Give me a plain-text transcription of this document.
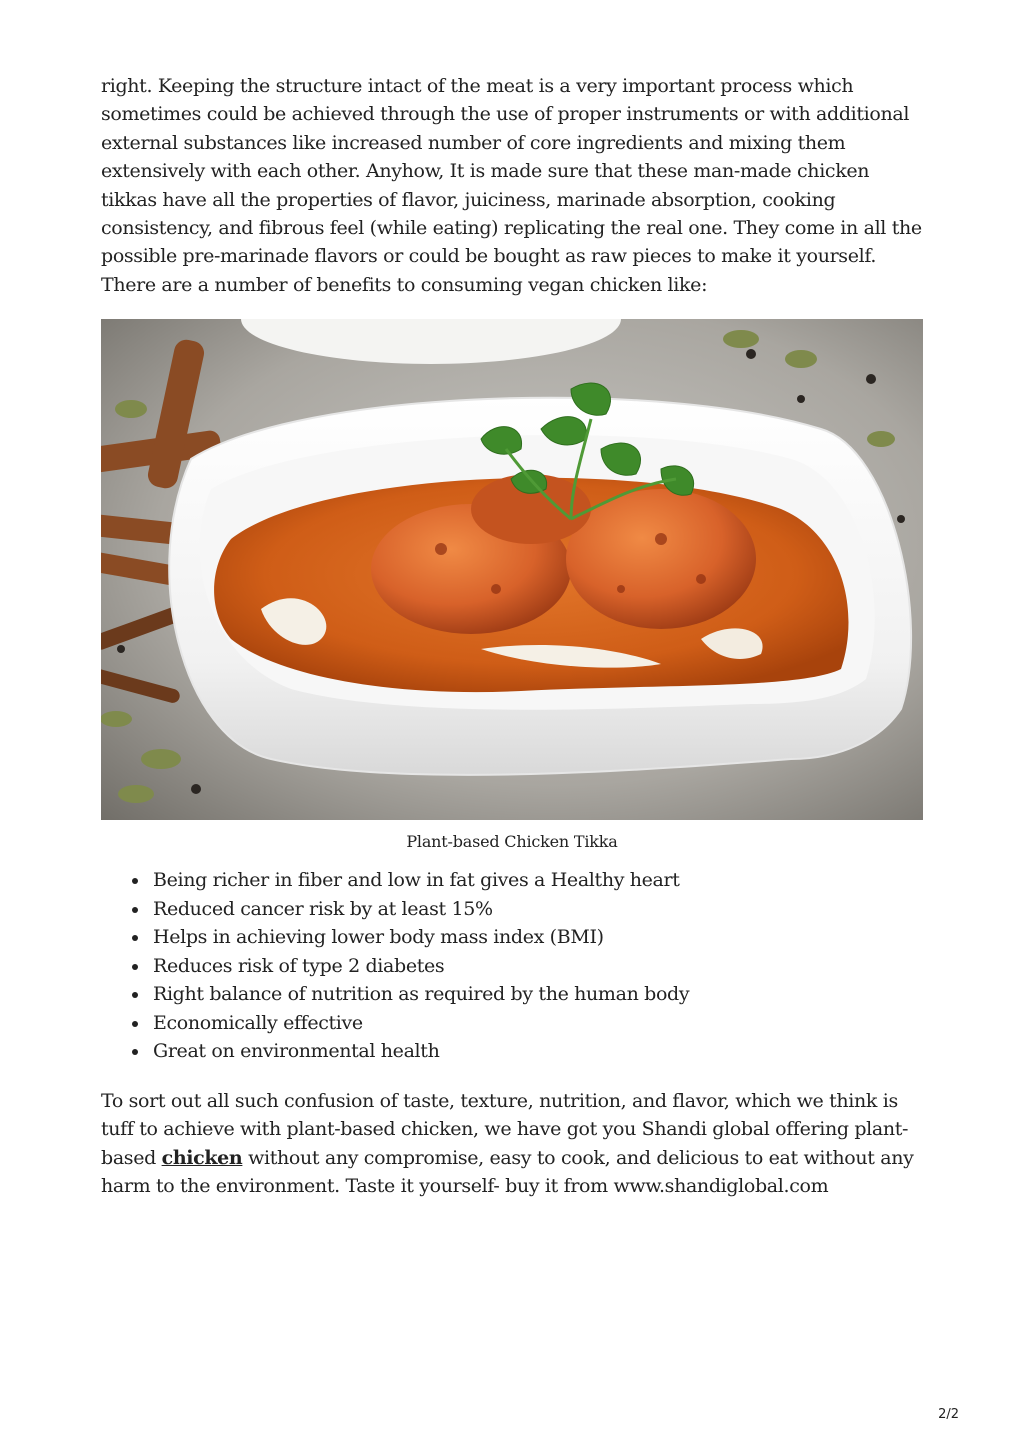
right. Keeping the structure intact of the meat is a very important process which sometimes could be achieved through the use of proper instruments or with additional external substances like increased number of core ingredients and mixing them extensively with each other. Anyhow, It is made sure that these man-made chicken tikkas have all the properties of flavor, juiciness, marinade absorption, cooking consistency, and fibrous feel (while eating) replicating the real one. They come in all the possible pre-marinade flavors or could be bought as raw pieces to make it yourself. There are a number of benefits to consuming vegan chicken like:

Plant-based Chicken Tikka
Being richer in fiber and low in fat gives a Healthy heart
Reduced cancer risk by at least 15%
Helps in achieving lower body mass index (BMI)
Reduces risk of type 2 diabetes
Right balance of nutrition as required by the human body
Economically effective
Great on environmental health

To sort out all such confusion of taste, texture, nutrition, and flavor, which we think is tuff to achieve with plant-based chicken, we have got you Shandi global offering plant-based chicken without any compromise, easy to cook, and delicious to eat without any harm to the environment. Taste it yourself- buy it from www.shandiglobal.com

2/2
